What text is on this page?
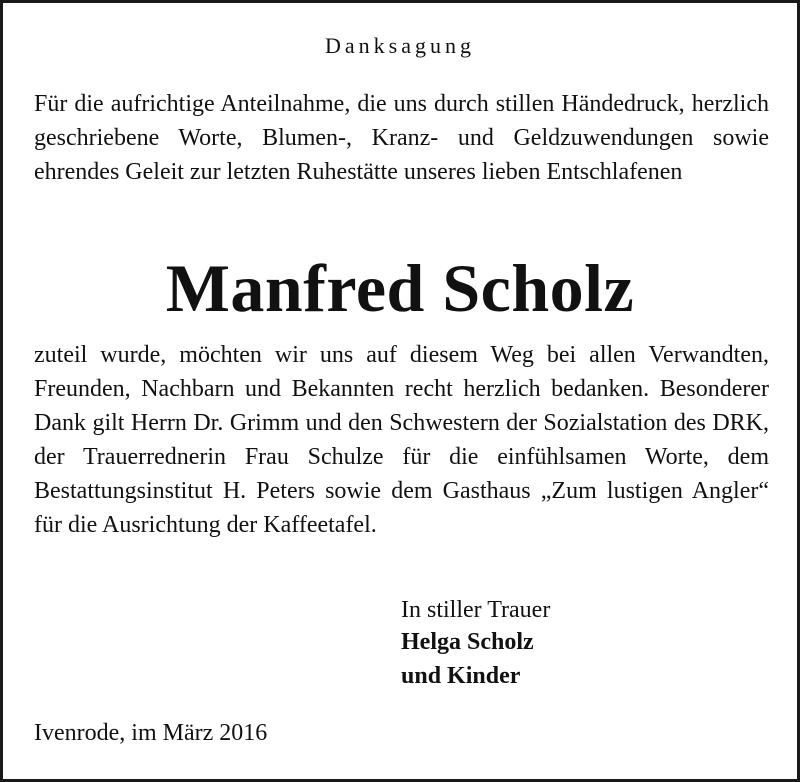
Danksagung
Für die aufrichtige Anteilnahme, die uns durch stillen Händedruck, herzlich geschriebene Worte, Blumen-, Kranz- und Geldzuwendungen sowie ehrendes Geleit zur letzten Ruhestätte unseres lieben Entschlafenen
Manfred Scholz
zuteil wurde, möchten wir uns auf diesem Weg bei allen Verwandten, Freunden, Nachbarn und Bekannten recht herzlich bedanken. Besonderer Dank gilt Herrn Dr. Grimm und den Schwestern der Sozialstation des DRK, der Trauerrednerin Frau Schulze für die einfühlsamen Worte, dem Bestattungsinstitut H. Peters sowie dem Gasthaus „Zum lustigen Angler“ für die Ausrichtung der Kaffeetafel.
In stiller Trauer
Helga Scholz
und Kinder
Ivenrode, im März 2016
